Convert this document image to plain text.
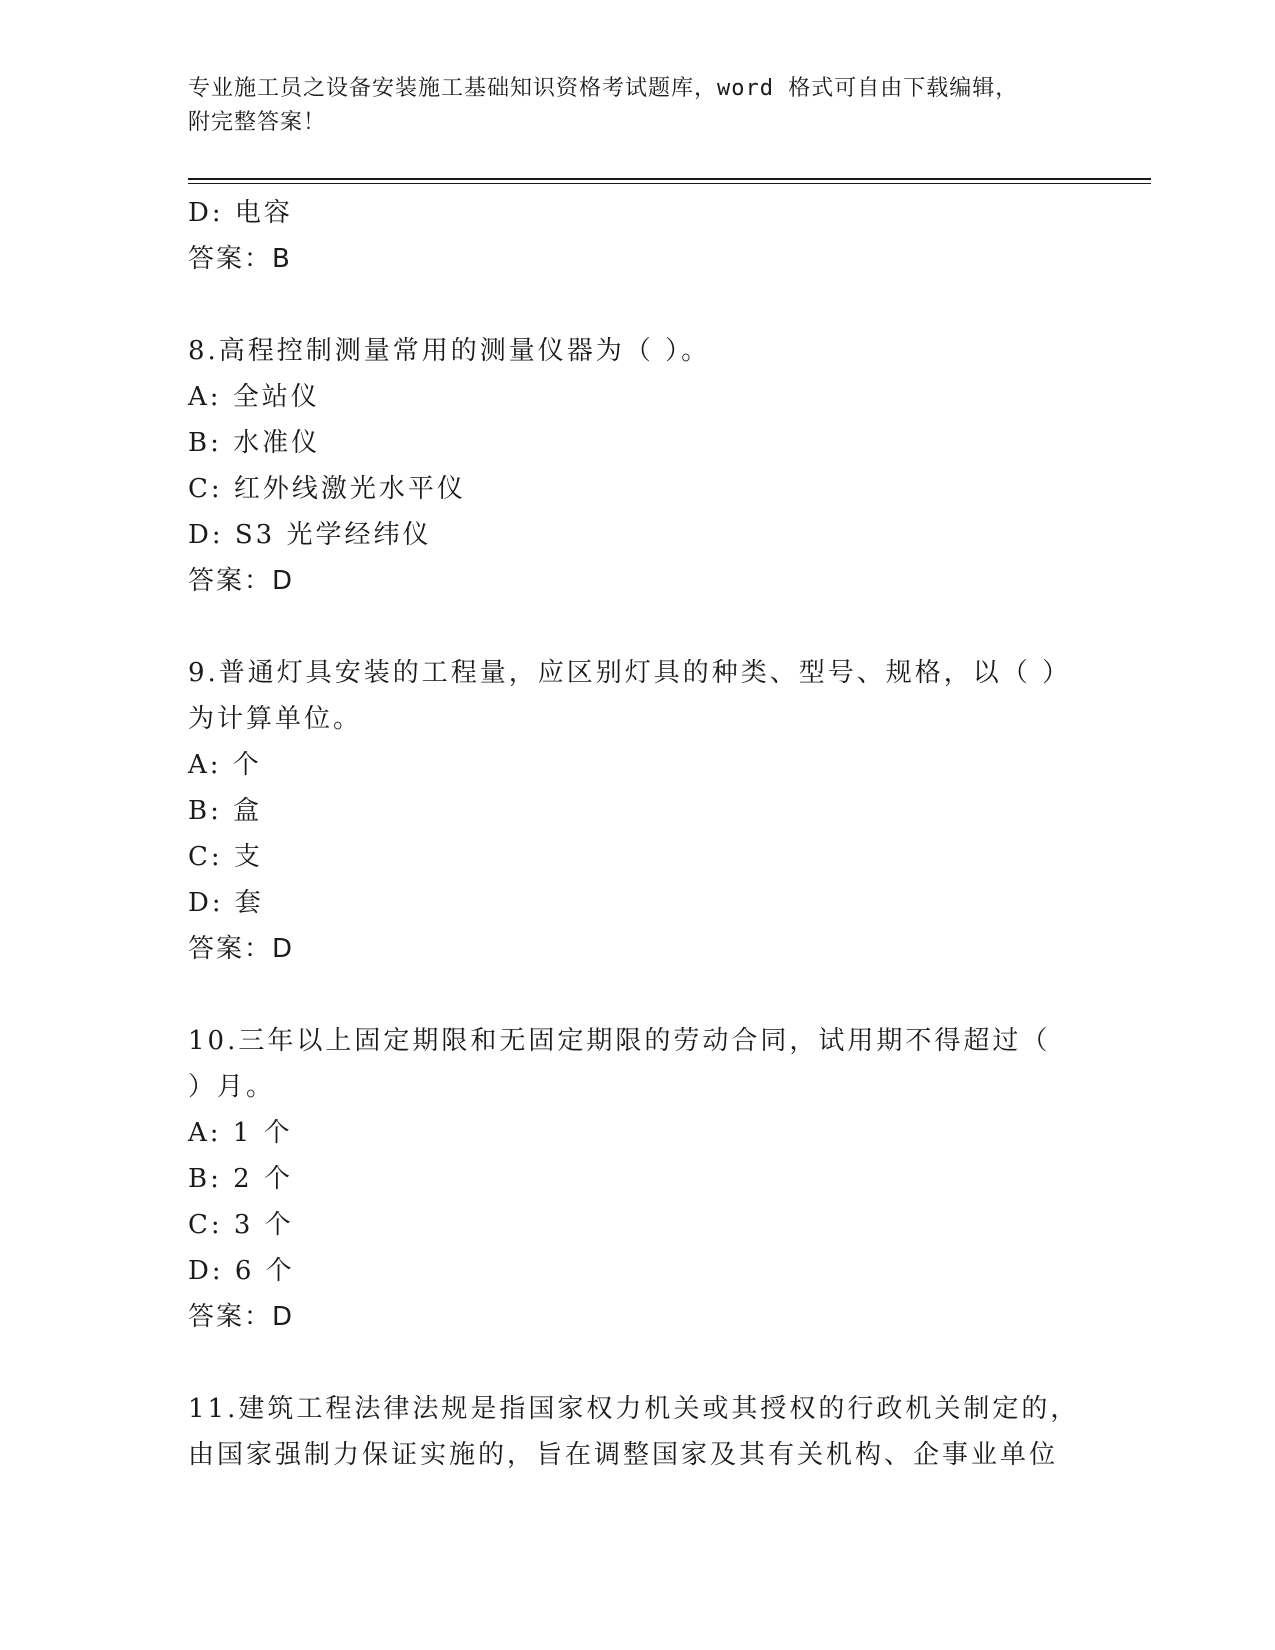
专业施工员之设备安装施工基础知识资格考试题库，word 格式可自由下载编辑，
附完整答案！
D: 电容
答案：B
8.高程控制测量常用的测量仪器为（ ）。
A: 全站仪
B: 水准仪
C: 红外线激光水平仪
D: S3 光学经纬仪
答案：D
9.普通灯具安装的工程量，应区别灯具的种类、型号、规格，以（ ）
为计算单位。
A: 个
B: 盒
C: 支
D: 套
答案：D
10.三年以上固定期限和无固定期限的劳动合同，试用期不得超过（
）月。
A: 1 个
B: 2 个
C: 3 个
D: 6 个
答案：D
11.建筑工程法律法规是指国家权力机关或其授权的行政机关制定的，
由国家强制力保证实施的，旨在调整国家及其有关机构、企事业单位
